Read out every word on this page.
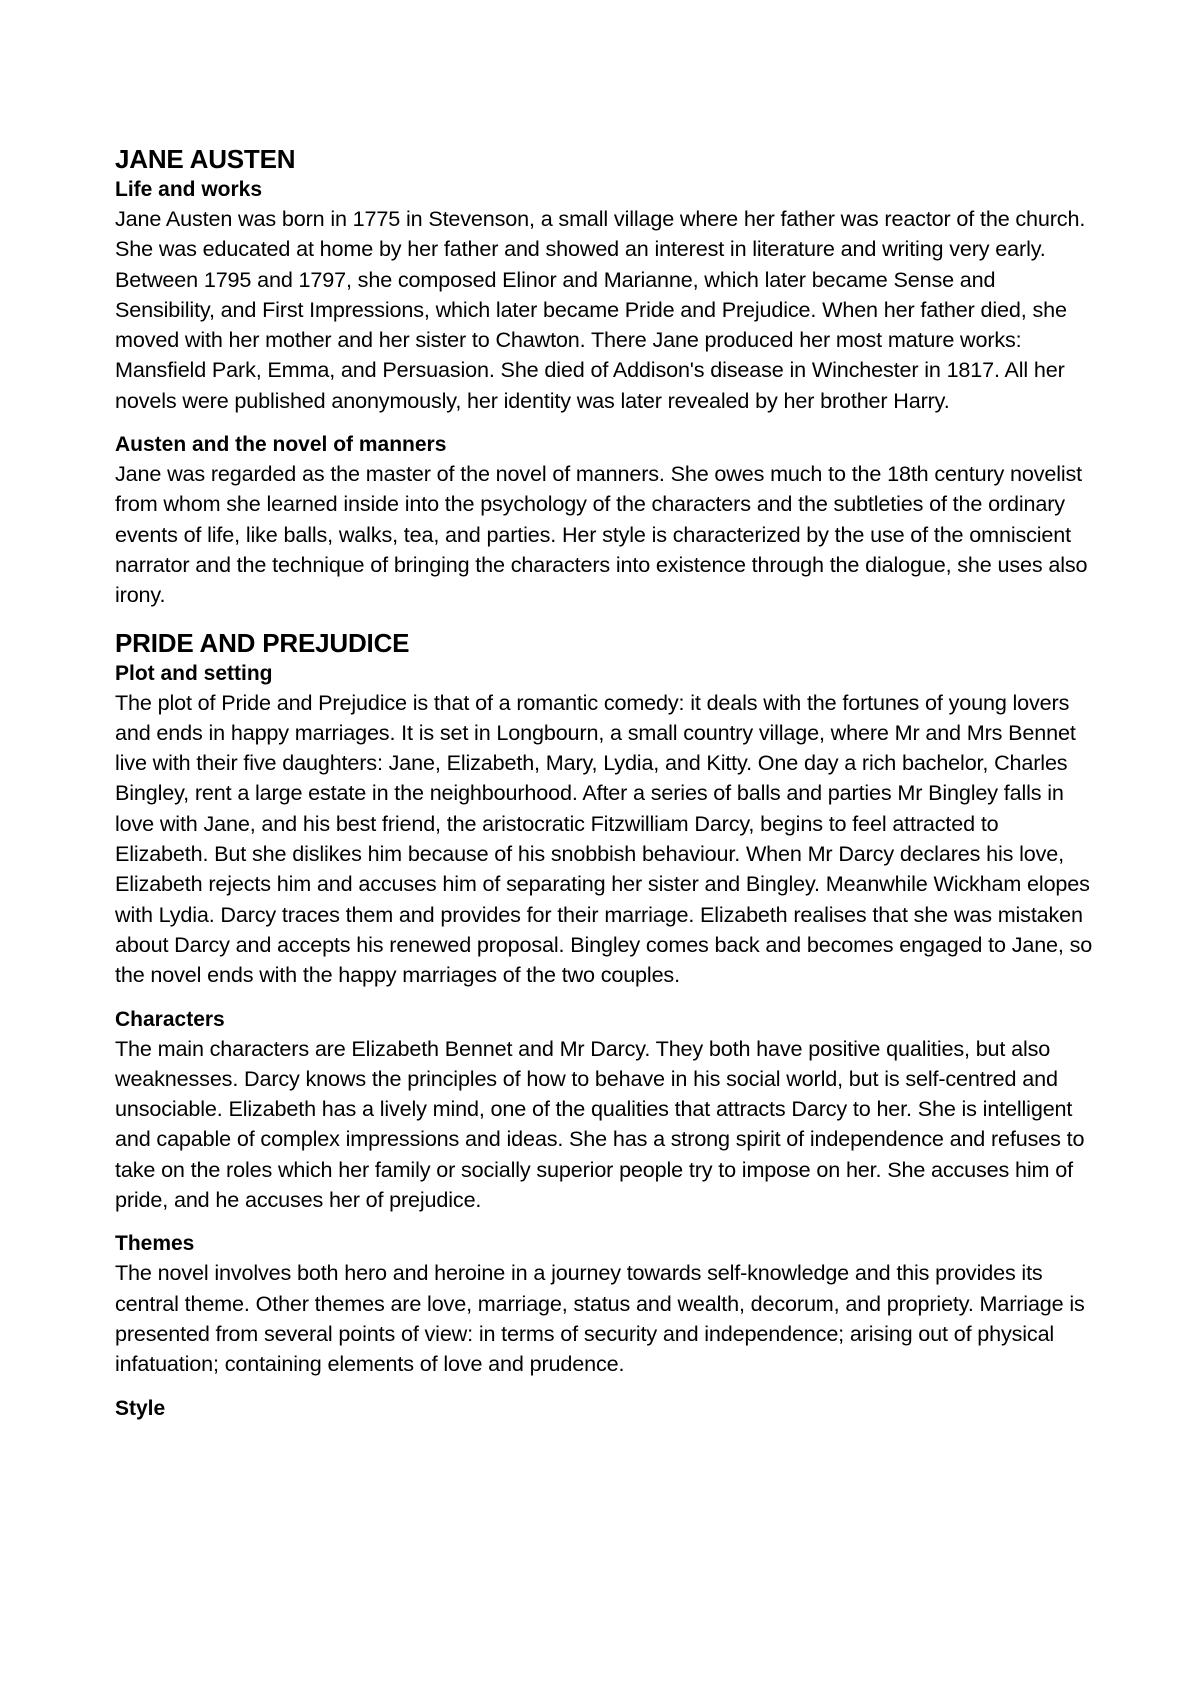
JANE AUSTEN
Life and works

Jane Austen was born in 1775 in Stevenson, a small village where her father was reactor of the church. She was educated at home by her father and showed an interest in literature and writing very early. Between 1795 and 1797, she composed Elinor and Marianne, which later became Sense and Sensibility, and First Impressions, which later became Pride and Prejudice. When her father died, she moved with her mother and her sister to Chawton. There Jane produced her most mature works: Mansfield Park, Emma, and Persuasion. She died of Addison's disease in Winchester in 1817. All her novels were published anonymously, her identity was later revealed by her brother Harry.

Austen and the novel of manners

Jane was regarded as the master of the novel of manners. She owes much to the 18th century novelist from whom she learned inside into the psychology of the characters and the subtleties of the ordinary events of life, like balls, walks, tea, and parties. Her style is characterized by the use of the omniscient narrator and the technique of bringing the characters into existence through the dialogue, she uses also irony.

PRIDE AND PREJUDICE
Plot and setting

The plot of Pride and Prejudice is that of a romantic comedy: it deals with the fortunes of young lovers and ends in happy marriages. It is set in Longbourn, a small country village, where Mr and Mrs Bennet live with their five daughters: Jane, Elizabeth, Mary, Lydia, and Kitty. One day a rich bachelor, Charles Bingley, rent a large estate in the neighbourhood. After a series of balls and parties Mr Bingley falls in love with Jane, and his best friend, the aristocratic Fitzwilliam Darcy, begins to feel attracted to Elizabeth. But she dislikes him because of his snobbish behaviour. When Mr Darcy declares his love, Elizabeth rejects him and accuses him of separating her sister and Bingley. Meanwhile Wickham elopes with Lydia. Darcy traces them and provides for their marriage. Elizabeth realises that she was mistaken about Darcy and accepts his renewed proposal. Bingley comes back and becomes engaged to Jane, so the novel ends with the happy marriages of the two couples.

Characters

The main characters are Elizabeth Bennet and Mr Darcy. They both have positive qualities, but also weaknesses. Darcy knows the principles of how to behave in his social world, but is self-centred and unsociable. Elizabeth has a lively mind, one of the qualities that attracts Darcy to her. She is intelligent and capable of complex impressions and ideas. She has a strong spirit of independence and refuses to take on the roles which her family or socially superior people try to impose on her. She accuses him of pride, and he accuses her of prejudice.

Themes

The novel involves both hero and heroine in a journey towards self-knowledge and this provides its central theme. Other themes are love, marriage, status and wealth, decorum, and propriety. Marriage is presented from several points of view: in terms of security and independence; arising out of physical infatuation; containing elements of love and prudence.

Style
